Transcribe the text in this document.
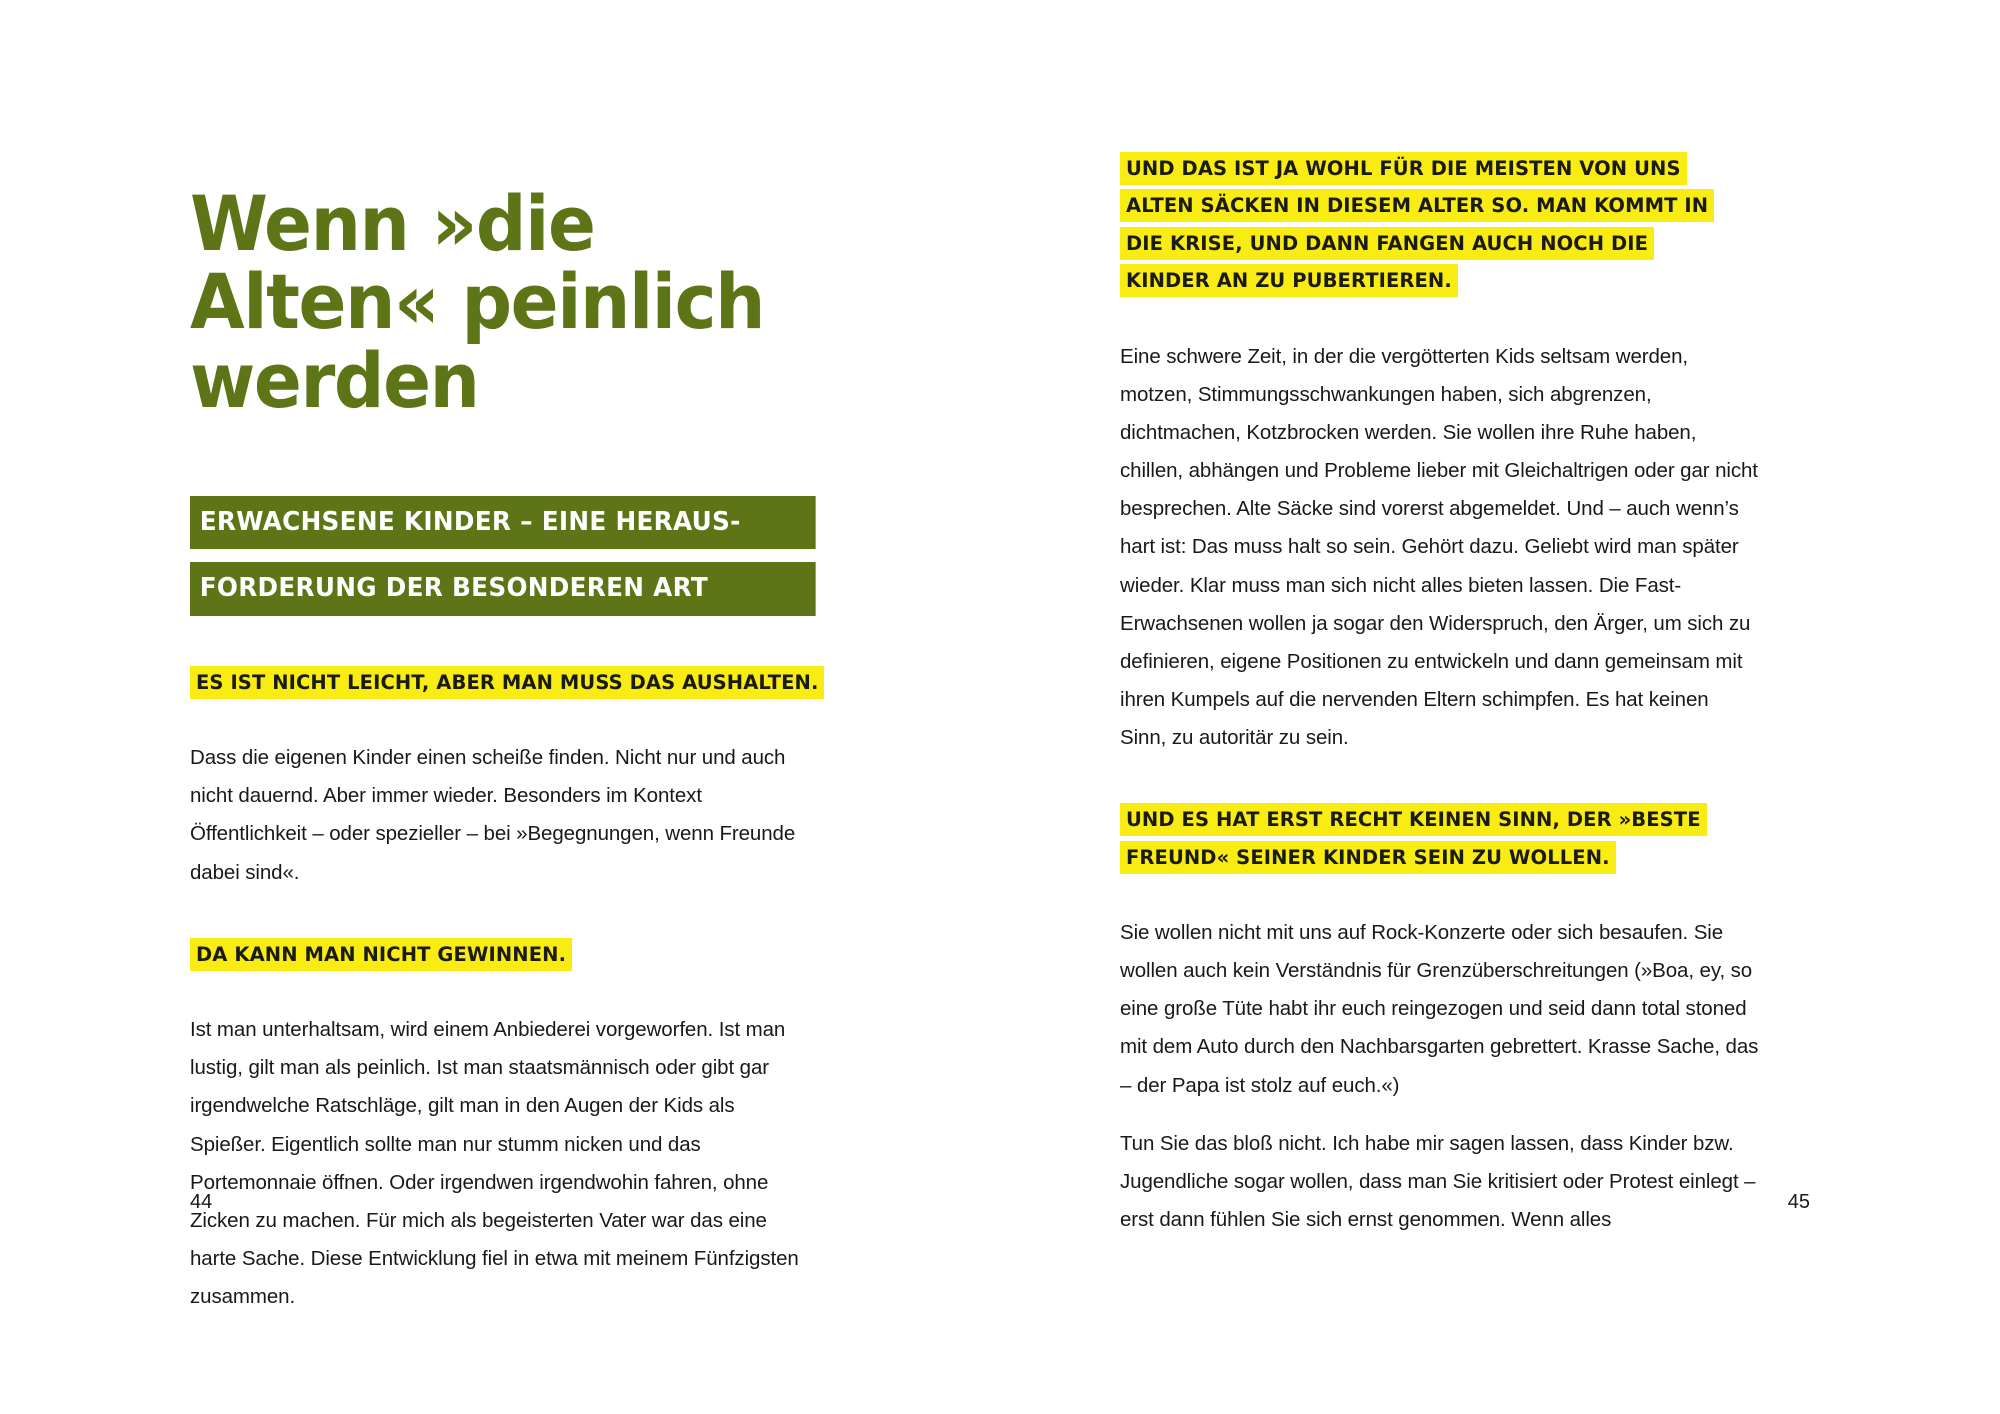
Wenn »die Alten« peinlich werden
ERWACHSENE KINDER – EINE HERAUS-
FORDERUNG DER BESONDEREN ART
ES IST NICHT LEICHT, ABER MAN MUSS DAS AUSHALTEN.

Dass die eigenen Kinder einen scheiße finden. Nicht nur und auch nicht dauernd. Aber immer wieder. Besonders im Kontext Öffentlichkeit – oder spezieller – bei »Begegnungen, wenn Freunde dabei sind«.

DA KANN MAN NICHT GEWINNEN.

Ist man unterhaltsam, wird einem Anbiederei vorgeworfen. Ist man lustig, gilt man als peinlich. Ist man staatsmännisch oder gibt gar irgendwelche Ratschläge, gilt man in den Augen der Kids als Spießer. Eigentlich sollte man nur stumm nicken und das Portemonnaie öffnen. Oder irgendwen irgendwohin fahren, ohne Zicken zu machen. Für mich als begeisterten Vater war das eine harte Sache. Diese Entwicklung fiel in etwa mit meinem Fünfzigsten zusammen.

44
UND DAS IST JA WOHL FÜR DIE MEISTEN VON UNS ALTEN SÄCKEN IN DIESEM ALTER SO. MAN KOMMT IN DIE KRISE, UND DANN FANGEN AUCH NOCH DIE KINDER AN ZU PUBERTIEREN.

Eine schwere Zeit, in der die vergötterten Kids seltsam werden, motzen, Stimmungsschwankungen haben, sich abgrenzen, dichtmachen, Kotzbrocken werden. Sie wollen ihre Ruhe haben, chillen, abhängen und Probleme lieber mit Gleichaltrigen oder gar nicht besprechen. Alte Säcke sind vorerst abgemeldet. Und – auch wenn’s hart ist: Das muss halt so sein. Gehört dazu. Geliebt wird man später wieder. Klar muss man sich nicht alles bieten lassen. Die Fast-Erwachsenen wollen ja sogar den Widerspruch, den Ärger, um sich zu definieren, eigene Positionen zu entwickeln und dann gemeinsam mit ihren Kumpels auf die nervenden Eltern schimpfen. Es hat keinen Sinn, zu autoritär zu sein.

UND ES HAT ERST RECHT KEINEN SINN, DER »BESTE FREUND« SEINER KINDER SEIN ZU WOLLEN.

Sie wollen nicht mit uns auf Rock-Konzerte oder sich besaufen. Sie wollen auch kein Verständnis für Grenzüberschreitungen (»Boa, ey, so eine große Tüte habt ihr euch reingezogen und seid dann total stoned mit dem Auto durch den Nachbarsgarten gebrettert. Krasse Sache, das – der Papa ist stolz auf euch.«)

Tun Sie das bloß nicht. Ich habe mir sagen lassen, dass Kinder bzw. Jugendliche sogar wollen, dass man Sie kritisiert oder Protest einlegt – erst dann fühlen Sie sich ernst genommen. Wenn alles

45
